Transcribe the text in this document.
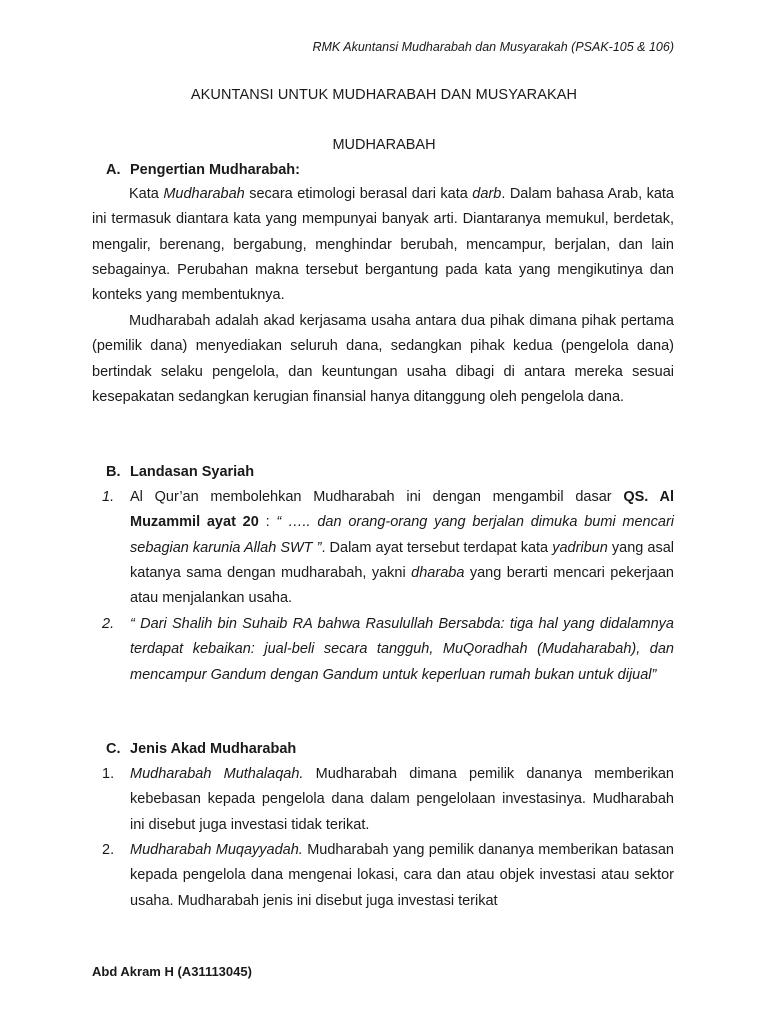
RMK Akuntansi Mudharabah dan Musyarakah (PSAK-105 & 106)
AKUNTANSI UNTUK MUDHARABAH DAN MUSYARAKAH
MUDHARABAH
A. Pengertian Mudharabah:

Kata Mudharabah secara etimologi berasal dari kata darb. Dalam bahasa Arab, kata ini termasuk diantara kata yang mempunyai banyak arti. Diantaranya memukul, berdetak, mengalir, berenang, bergabung, menghindar berubah, mencampur, berjalan, dan lain sebagainya. Perubahan makna tersebut bergantung pada kata yang mengikutinya dan konteks yang membentuknya.

Mudharabah adalah akad kerjasama usaha antara dua pihak dimana pihak pertama (pemilik dana) menyediakan seluruh dana, sedangkan pihak kedua (pengelola dana) bertindak selaku pengelola, dan keuntungan usaha dibagi di antara mereka sesuai kesepakatan sedangkan kerugian finansial hanya ditanggung oleh pengelola dana.

B. Landasan Syariah
1.	Al Qur’an membolehkan Mudharabah ini dengan mengambil dasar QS. Al Muzammil ayat 20 : “ ….. dan orang-orang yang berjalan dimuka bumi mencari sebagian karunia Allah SWT ”. Dalam ayat tersebut terdapat kata yadribun yang asal katanya sama dengan mudharabah, yakni dharaba yang berarti mencari pekerjaan atau menjalankan usaha.
2.	“ Dari Shalih bin Suhaib RA bahwa Rasulullah Bersabda: tiga hal yang didalamnya terdapat kebaikan: jual-beli secara tangguh, MuQoradhah (Mudaharabah), dan mencampur Gandum dengan Gandum untuk keperluan rumah bukan untuk dijual”
C. Jenis Akad Mudharabah
1.	Mudharabah Muthalaqah. Mudharabah dimana pemilik dananya memberikan kebebasan kepada pengelola dana dalam pengelolaan investasinya. Mudharabah ini disebut juga investasi tidak terikat.
2.	Mudharabah Muqayyadah. Mudharabah yang pemilik dananya memberikan batasan kepada pengelola dana mengenai lokasi, cara dan atau objek investasi atau sektor usaha. Mudharabah jenis ini disebut juga investasi terikat
Abd Akram H (A31113045)
